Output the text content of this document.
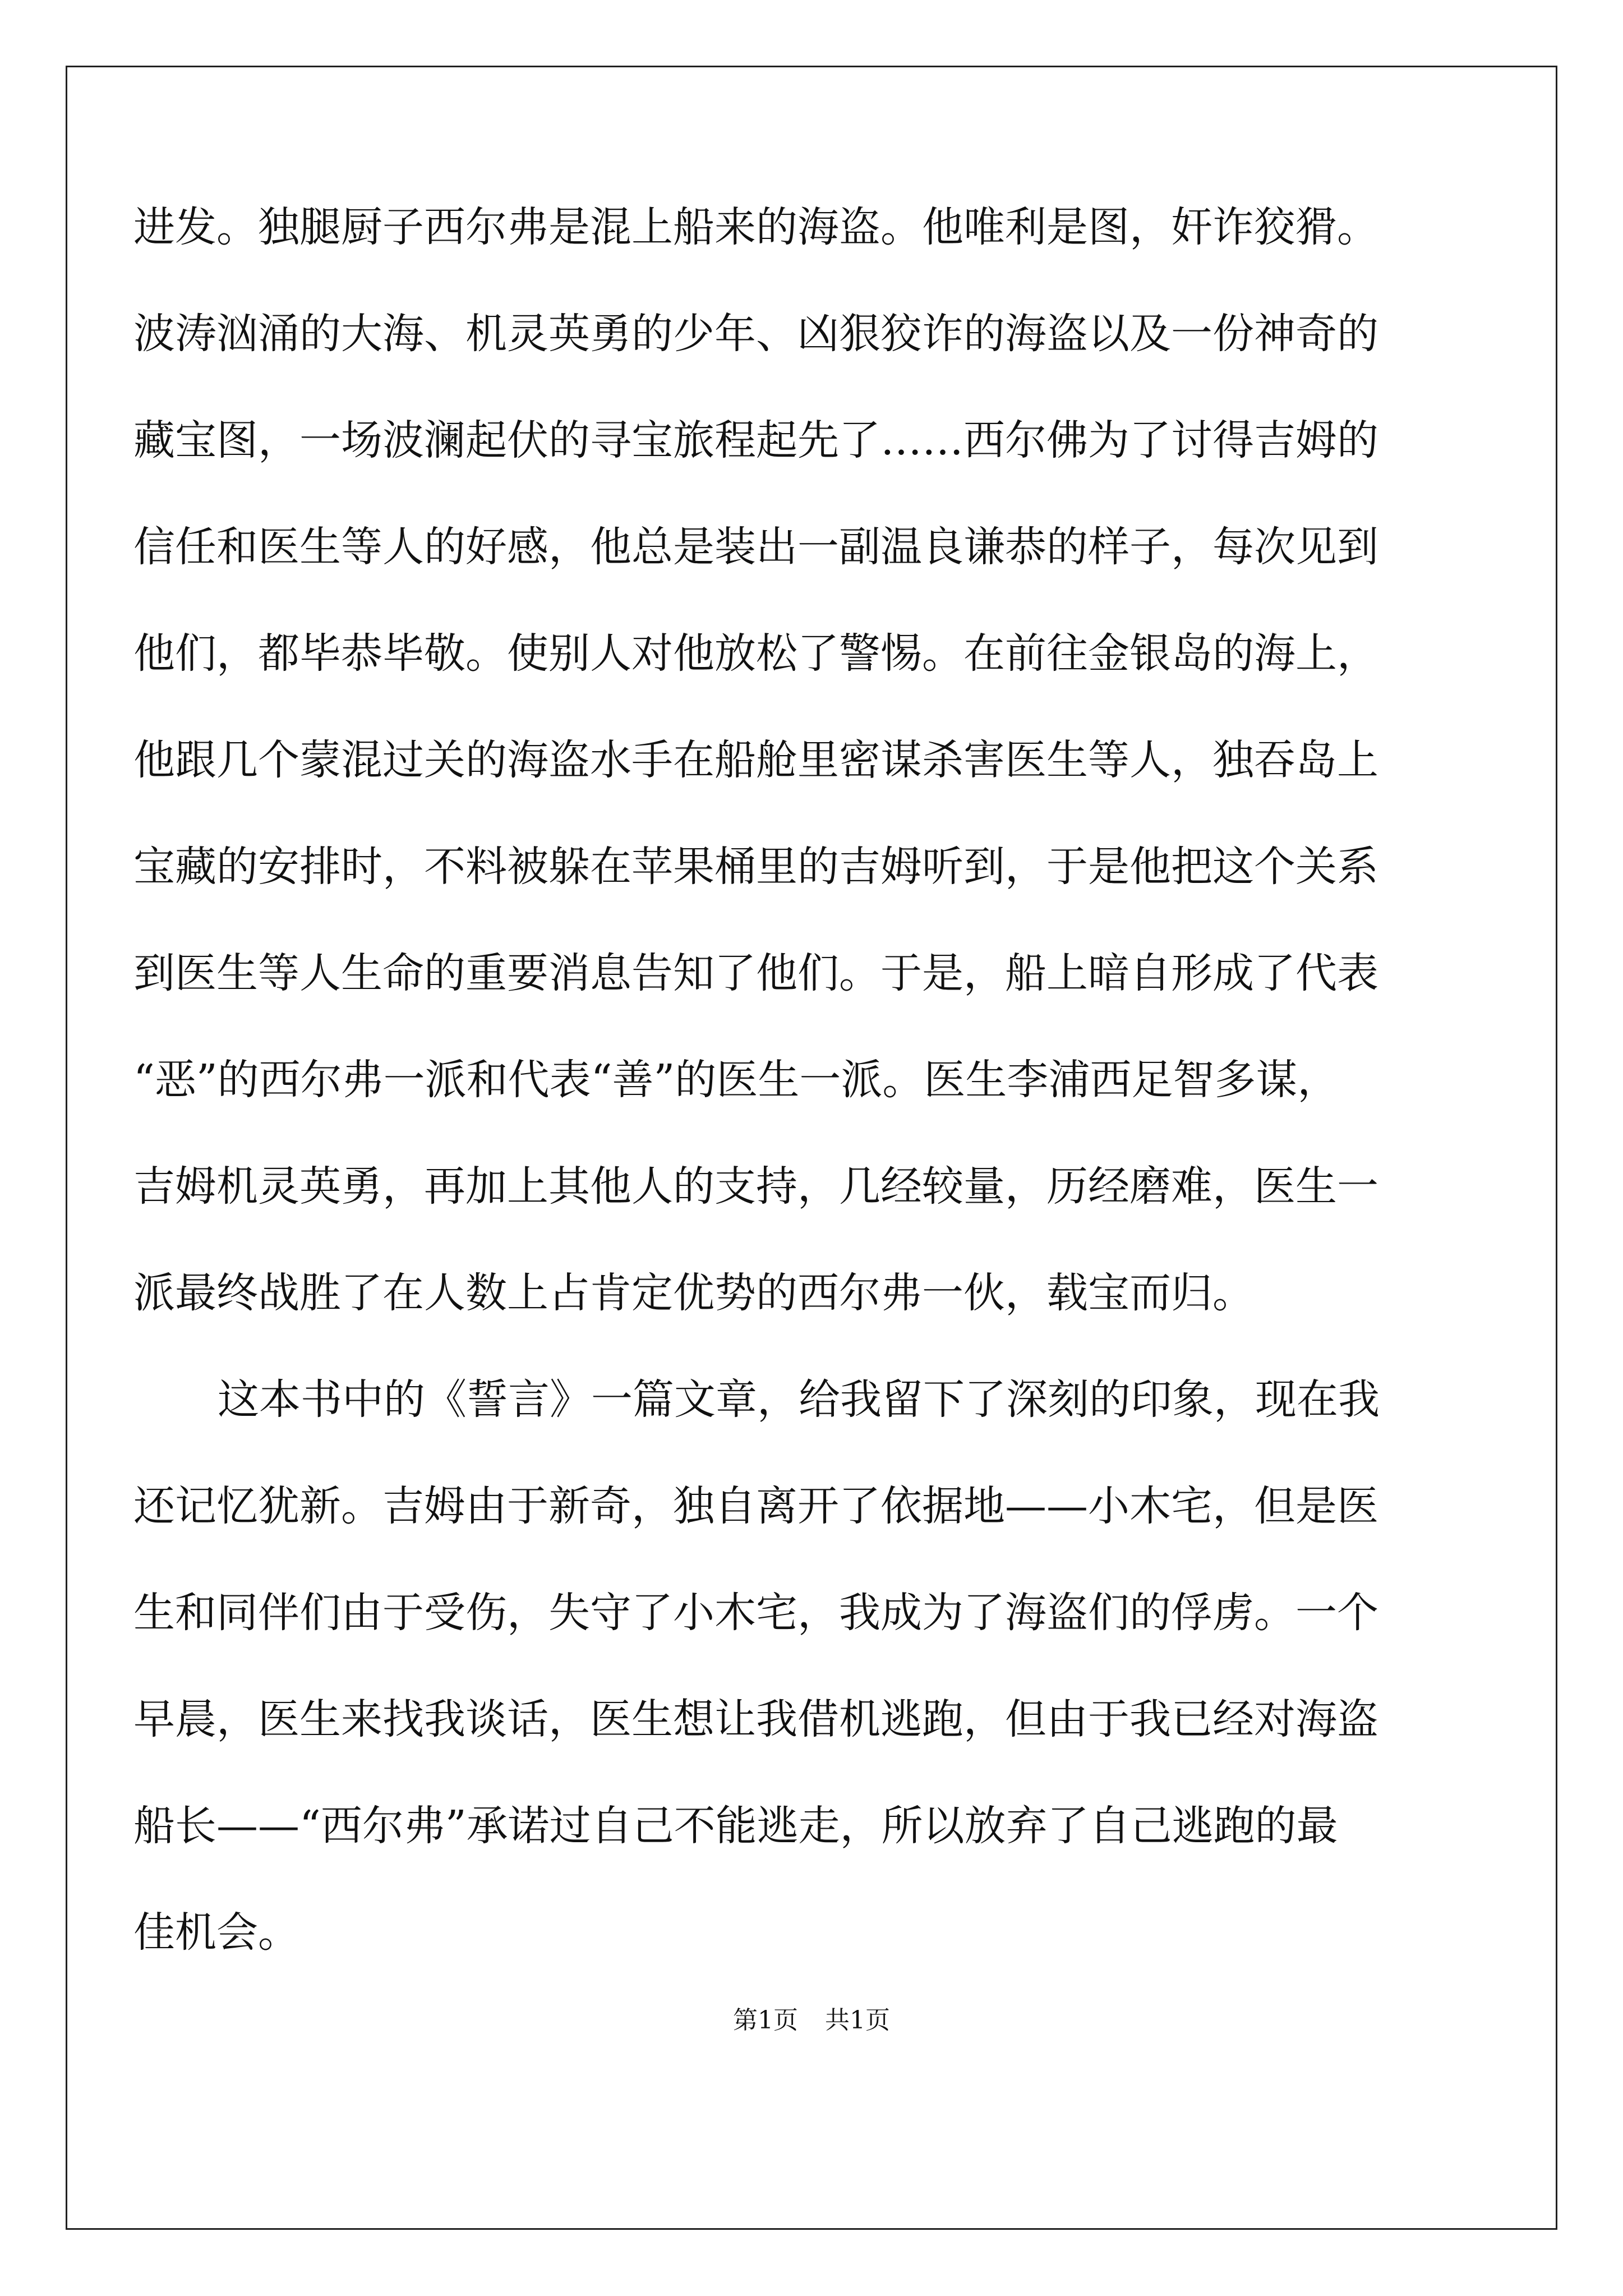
进发。独腿厨子西尔弗是混上船来的海盗。他唯利是图，奸诈狡猾。
波涛汹涌的大海、机灵英勇的少年、凶狠狡诈的海盗以及一份神奇的
藏宝图，一场波澜起伏的寻宝旅程起先了……西尔佛为了讨得吉姆的
信任和医生等人的好感，他总是装出一副温良谦恭的样子，每次见到
他们，都毕恭毕敬。使别人对他放松了警惕。在前往金银岛的海上，
他跟几个蒙混过关的海盗水手在船舱里密谋杀害医生等人，独吞岛上
宝藏的安排时，不料被躲在苹果桶里的吉姆听到，于是他把这个关系
到医生等人生命的重要消息告知了他们。于是，船上暗自形成了代表
“恶”的西尔弗一派和代表“善”的医生一派。医生李浦西足智多谋，
吉姆机灵英勇，再加上其他人的支持，几经较量，历经磨难，医生一
派最终战胜了在人数上占肯定优势的西尔弗一伙，载宝而归。
这本书中的《誓言》一篇文章，给我留下了深刻的印象，现在我
还记忆犹新。吉姆由于新奇，独自离开了依据地——小木宅，但是医
生和同伴们由于受伤，失守了小木宅，我成为了海盗们的俘虏。一个
早晨，医生来找我谈话，医生想让我借机逃跑，但由于我已经对海盗
船长——“西尔弗”承诺过自己不能逃走，所以放弃了自己逃跑的最
佳机会。
第1页 共1页
